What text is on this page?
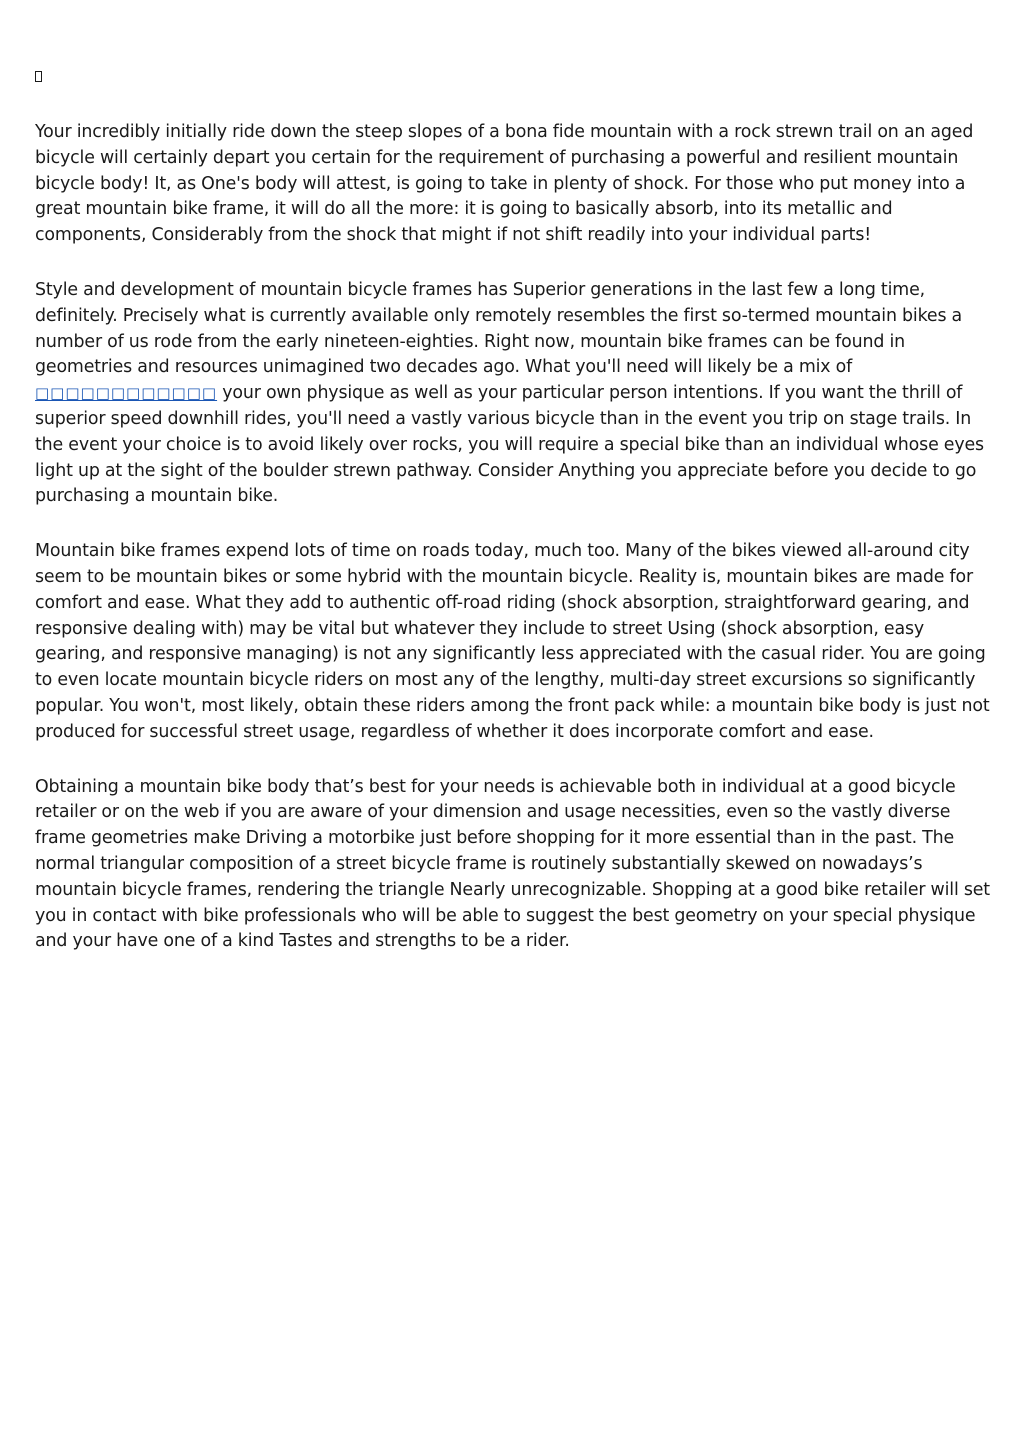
Your incredibly initially ride down the steep slopes of a bona fide mountain with a rock strewn trail on an aged bicycle will certainly depart you certain for the requirement of purchasing a powerful and resilient mountain bicycle body! It, as One's body will attest, is going to take in plenty of shock. For those who put money into a great mountain bike frame, it will do all the more: it is going to basically absorb, into its metallic and components, Considerably from the shock that might if not shift readily into your individual parts!

Style and development of mountain bicycle frames has Superior generations in the last few a long time, definitely. Precisely what is currently available only remotely resembles the first so-termed mountain bikes a number of us rode from the early nineteen-eighties. Right now, mountain bike frames can be found in geometries and resources unimagined two decades ago. What you'll need will likely be a mix of □□□□□□□□□□□□ your own physique as well as your particular person intentions. If you want the thrill of superior speed downhill rides, you'll need a vastly various bicycle than in the event you trip on stage trails. In the event your choice is to avoid likely over rocks, you will require a special bike than an individual whose eyes light up at the sight of the boulder strewn pathway. Consider Anything you appreciate before you decide to go purchasing a mountain bike.

Mountain bike frames expend lots of time on roads today, much too. Many of the bikes viewed all-around city seem to be mountain bikes or some hybrid with the mountain bicycle. Reality is, mountain bikes are made for comfort and ease. What they add to authentic off-road riding (shock absorption, straightforward gearing, and responsive dealing with) may be vital but whatever they include to street Using (shock absorption, easy gearing, and responsive managing) is not any significantly less appreciated with the casual rider. You are going to even locate mountain bicycle riders on most any of the lengthy, multi-day street excursions so significantly popular. You won't, most likely, obtain these riders among the front pack while: a mountain bike body is just not produced for successful street usage, regardless of whether it does incorporate comfort and ease.

Obtaining a mountain bike body that’s best for your needs is achievable both in individual at a good bicycle retailer or on the web if you are aware of your dimension and usage necessities, even so the vastly diverse frame geometries make Driving a motorbike just before shopping for it more essential than in the past. The normal triangular composition of a street bicycle frame is routinely substantially skewed on nowadays’s mountain bicycle frames, rendering the triangle Nearly unrecognizable. Shopping at a good bike retailer will set you in contact with bike professionals who will be able to suggest the best geometry on your special physique and your have one of a kind Tastes and strengths to be a rider.
